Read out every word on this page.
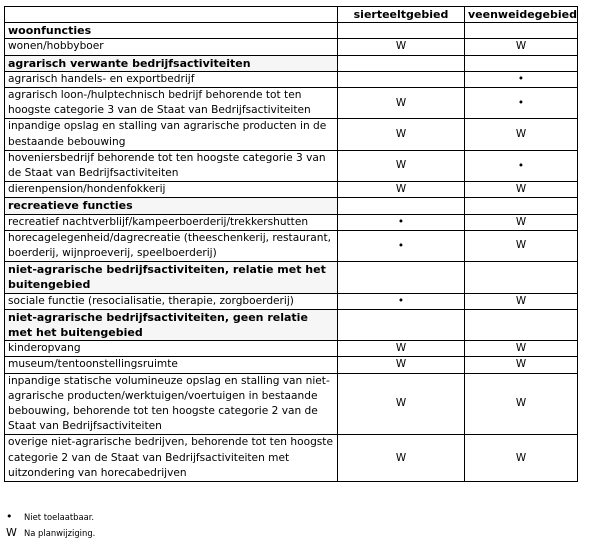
	sierteeltgebied	veenweidegebied
woonfuncties		
wonen/hobbyboer	W	W
agrarisch verwante bedrijfsactiviteiten		
agrarisch handels- en exportbedrijf		•
agrarisch loon-/hulptechnisch bedrijf behorende tot ten hoogste categorie 3 van de Staat van Bedrijfsactiviteiten	W	•
inpandige opslag en stalling van agrarische producten in de bestaande bebouwing	W	W
hoveniersbedrijf behorende tot ten hoogste categorie 3 van de Staat van Bedrijfsactiviteiten	W	•
dierenpension/hondenfokkerij	W	W
recreatieve functies		
recreatief nachtverblijf/kampeerboerderij/trekkershutten	•	W
horecagelegenheid/dagrecreatie (theeschenkerij, restaurant, boerderij, wijnproeverij, speelboerderij)	•	W
niet-agrarische bedrijfsactiviteiten, relatie met het buitengebied		
sociale functie (resocialisatie, therapie, zorgboerderij)	•	W
niet-agrarische bedrijfsactiviteiten, geen relatie met het buitengebied		
kinderopvang	W	W
museum/tentoonstellingsruimte	W	W
inpandige statische volumineuze opslag en stalling van niet-agrarische producten/werktuigen/voertuigen in bestaande bebouwing, behorende tot ten hoogste categorie 2 van de Staat van Bedrijfsactiviteiten	W	W
overige niet-agrarische bedrijven, behorende tot ten hoogste categorie 2 van de Staat van Bedrijfsactiviteiten met uitzondering van horecabedrijven	W	W
•	Niet toelaatbaar.
W Na planwijziging.
